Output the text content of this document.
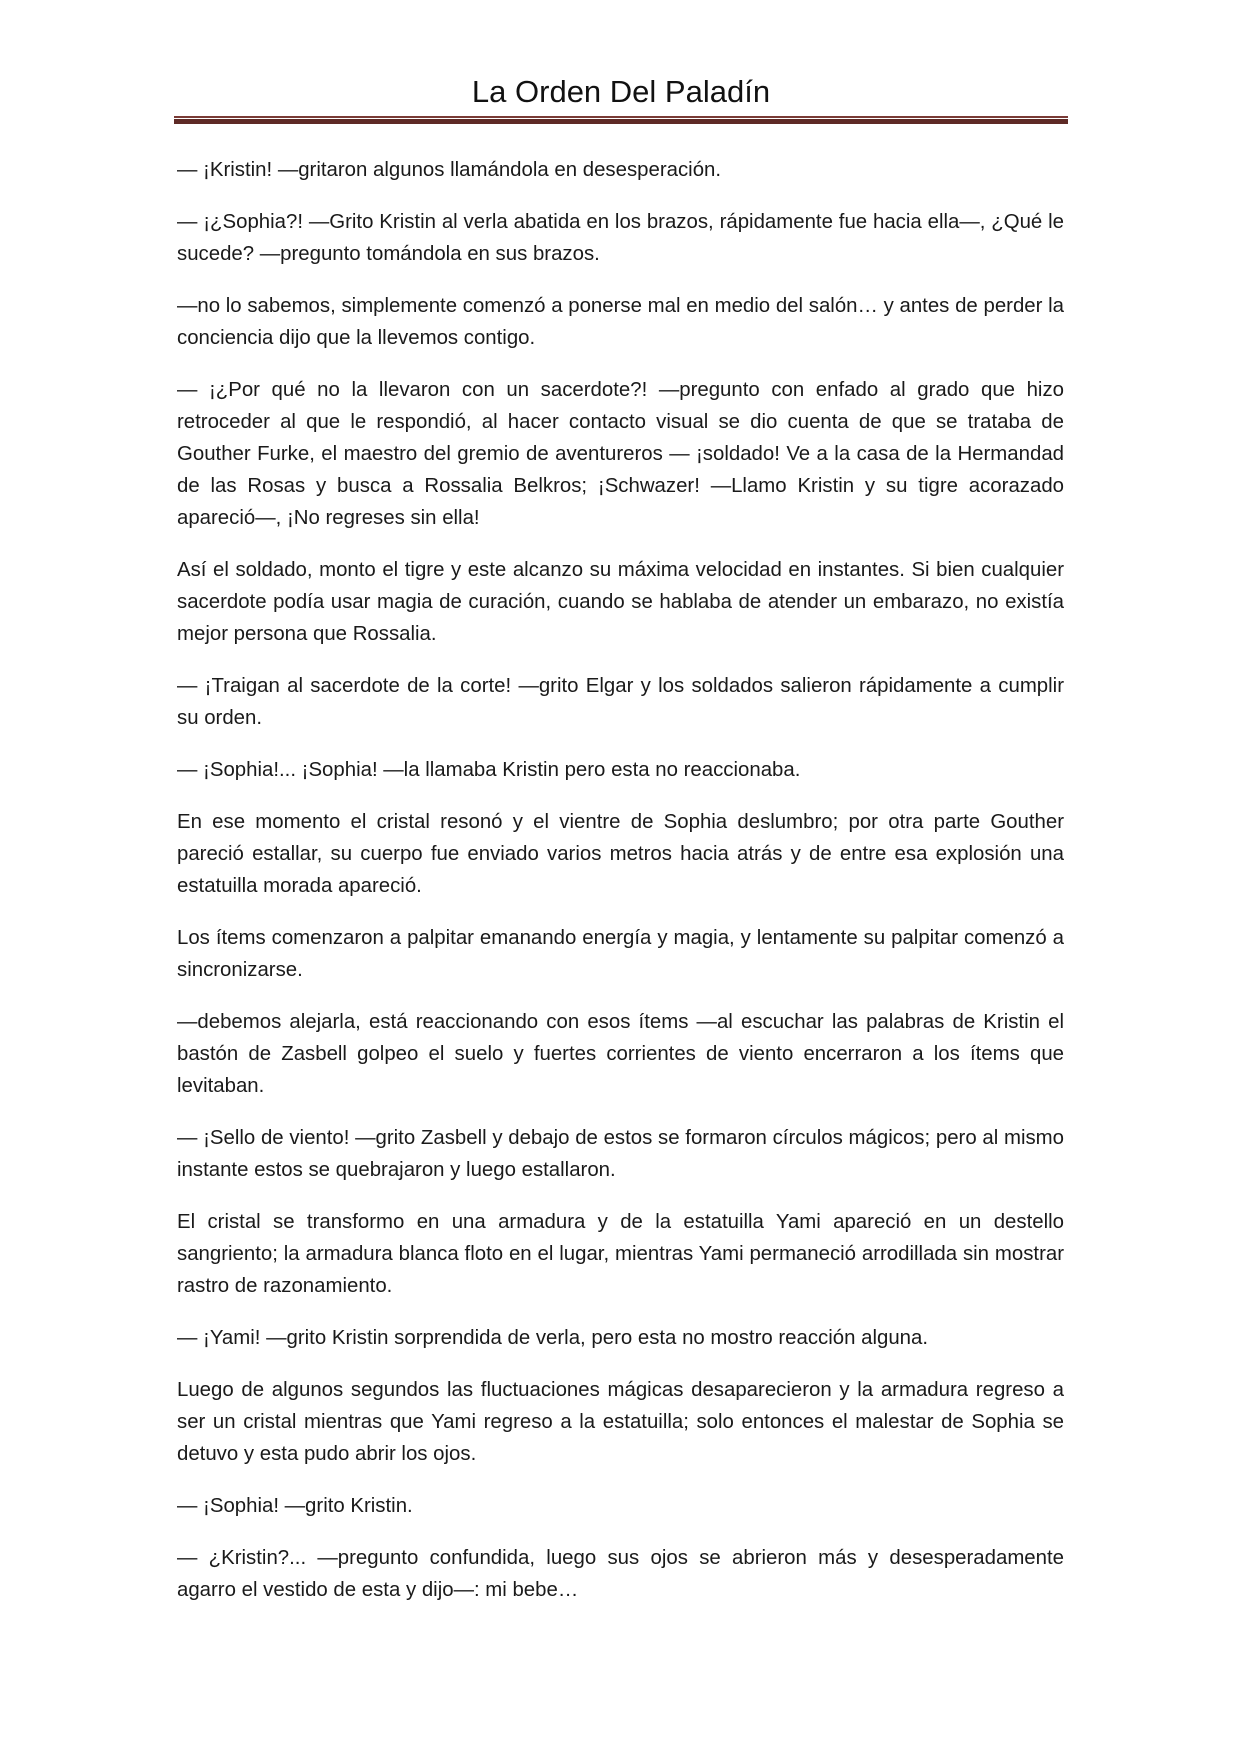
La Orden Del Paladín

— ¡Kristin! —gritaron algunos llamándola en desesperación.

— ¡¿Sophia?! —Grito Kristin al verla abatida en los brazos, rápidamente fue hacia ella—, ¿Qué le sucede? —pregunto tomándola en sus brazos.

—no lo sabemos, simplemente comenzó a ponerse mal en medio del salón… y antes de perder la conciencia dijo que la llevemos contigo.

— ¡¿Por qué no la llevaron con un sacerdote?! —pregunto con enfado al grado que hizo retroceder al que le respondió, al hacer contacto visual se dio cuenta de que se trataba de Gouther Furke, el maestro del gremio de aventureros — ¡soldado! Ve a la casa de la Hermandad de las Rosas y busca a Rossalia Belkros; ¡Schwazer! —Llamo Kristin y su tigre acorazado apareció—, ¡No regreses sin ella!

Así el soldado, monto el tigre y este alcanzo su máxima velocidad en instantes. Si bien cualquier sacerdote podía usar magia de curación, cuando se hablaba de atender un embarazo, no existía mejor persona que Rossalia.

— ¡Traigan al sacerdote de la corte! —grito Elgar y los soldados salieron rápidamente a cumplir su orden.

— ¡Sophia!... ¡Sophia! —la llamaba Kristin pero esta no reaccionaba.

En ese momento el cristal resonó y el vientre de Sophia deslumbro; por otra parte Gouther pareció estallar, su cuerpo fue enviado varios metros hacia atrás y de entre esa explosión una estatuilla morada apareció.

Los ítems comenzaron a palpitar emanando energía y magia, y lentamente su palpitar comenzó a sincronizarse.

—debemos alejarla, está reaccionando con esos ítems —al escuchar las palabras de Kristin el bastón de Zasbell golpeo el suelo y fuertes corrientes de viento encerraron a los ítems que levitaban.

— ¡Sello de viento! —grito Zasbell y debajo de estos se formaron círculos mágicos; pero al mismo instante estos se quebrajaron y luego estallaron.

El cristal se transformo en una armadura y de la estatuilla Yami apareció en un destello sangriento; la armadura blanca floto en el lugar, mientras Yami permaneció arrodillada sin mostrar rastro de razonamiento.

— ¡Yami! —grito Kristin sorprendida de verla, pero esta no mostro reacción alguna.

Luego de algunos segundos las fluctuaciones mágicas desaparecieron y la armadura regreso a ser un cristal mientras que Yami regreso a la estatuilla; solo entonces el malestar de Sophia se detuvo y esta pudo abrir los ojos.

— ¡Sophia! —grito Kristin.

— ¿Kristin?... —pregunto confundida, luego sus ojos se abrieron más y desesperadamente agarro el vestido de esta y dijo—: mi bebe…
